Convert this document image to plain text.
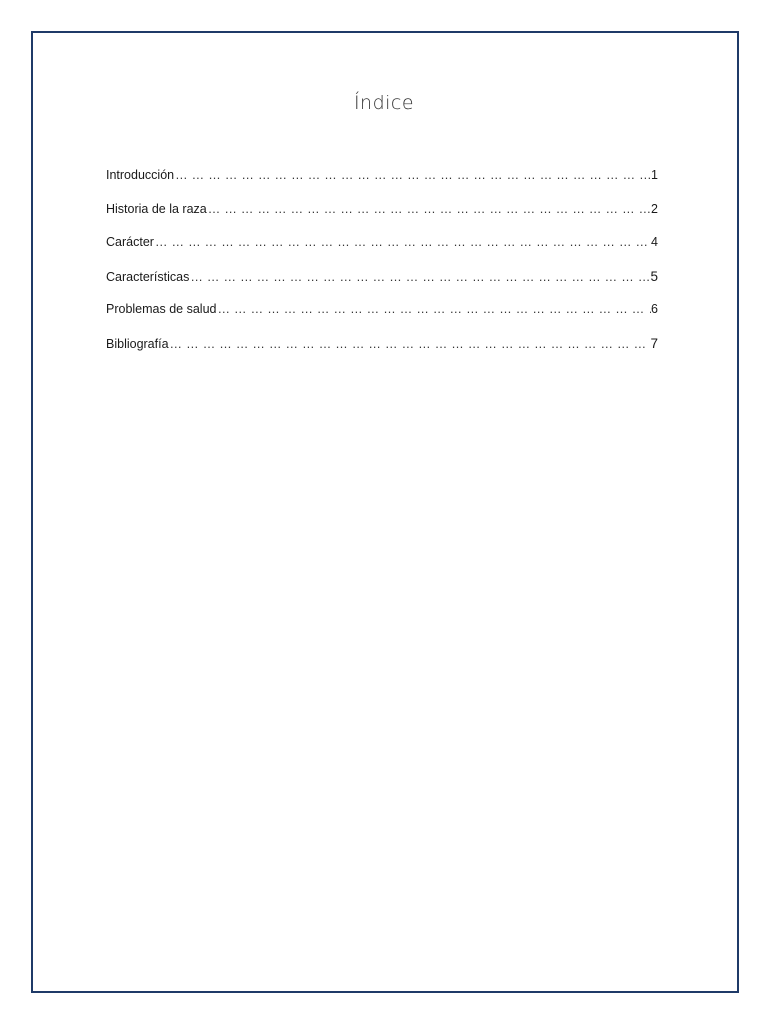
Índice
Introducción … … … … … … … … … … … … … … … … … … … … … … … … … … … … … … … … … … … … … … … … … … … … … … … … … … …	1
Historia de la raza … … … … … … … … … … … … … … … … … … … … … … … … … … … … … … … … … … … … … … … … … … … … … … … … … … …	2
Carácter … … … … … … … … … … … … … … … … … … … … … … … … … … … … … … … … … … … … … … … … … … … … … … … … … … …	4
Características … … … … … … … … … … … … … … … … … … … … … … … … … … … … … … … … … … … … … … … … … … … … … … … … … … …	5
Problemas de salud … … … … … … … … … … … … … … … … … … … … … … … … … … … … … … … … … … … … … … … … … … … … … … … … … … …	6
Bibliografía … … … … … … … … … … … … … … … … … … … … … … … … … … … … … … … … … … … … … … … … … … … … … … … … … … …	7
